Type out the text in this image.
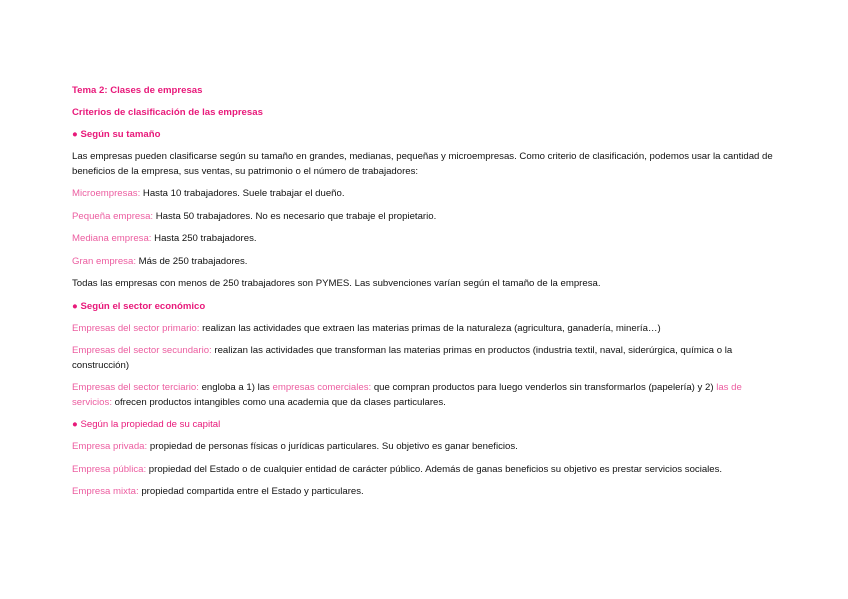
Tema 2: Clases de empresas
Criterios de clasificación de las empresas
● Según su tamaño

Las empresas pueden clasificarse según su tamaño en grandes, medianas, pequeñas y microempresas. Como criterio de clasificación, podemos usar la cantidad de beneficios de la empresa, sus ventas, su patrimonio o el número de trabajadores:

Microempresas: Hasta 10 trabajadores. Suele trabajar el dueño.

Pequeña empresa: Hasta 50 trabajadores. No es necesario que trabaje el propietario.

Mediana empresa: Hasta 250 trabajadores.

Gran empresa: Más de 250 trabajadores.

Todas las empresas con menos de 250 trabajadores son PYMES. Las subvenciones varían según el tamaño de la empresa.

● Según el sector económico

Empresas del sector primario: realizan las actividades que extraen las materias primas de la naturaleza (agricultura, ganadería, minería…)

Empresas del sector secundario: realizan las actividades que transforman las materias primas en productos (industria textil, naval, siderúrgica, química o la construcción)

Empresas del sector terciario: engloba a 1) las empresas comerciales: que compran productos para luego venderlos sin transformarlos (papelería) y 2) las de servicios: ofrecen productos intangibles como una academia que da clases particulares.

● Según la propiedad de su capital

Empresa privada: propiedad de personas físicas o jurídicas particulares. Su objetivo es ganar beneficios.

Empresa pública: propiedad del Estado o de cualquier entidad de carácter público. Además de ganas beneficios su objetivo es prestar servicios sociales.

Empresa mixta: propiedad compartida entre el Estado y particulares.
